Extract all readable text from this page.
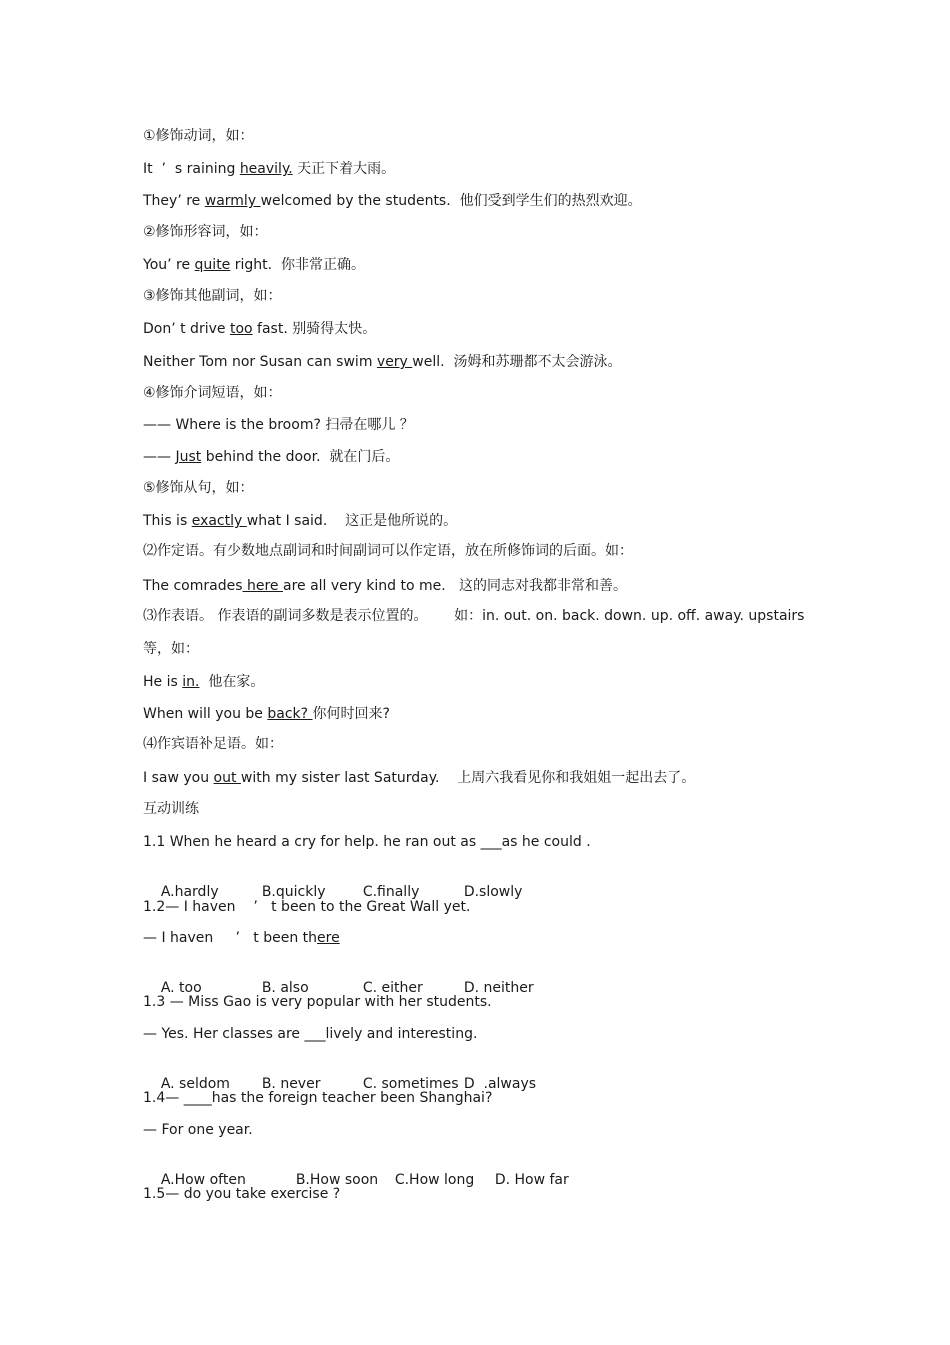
①修饰动词，如：
It  ’  s raining heavily. 天正下着大雨。
They’ re warmly welcomed by the students.  他们受到学生们的热烈欢迎。
②修饰形容词，如：
You’ re quite right.  你非常正确。
③修饰其他副词，如：
Don’ t drive too fast. 别骑得太快。
Neither Tom nor Susan can swim very well.  汤姆和苏珊都不太会游泳。
④修饰介词短语，如：
—— Where is the broom? 扫帚在哪儿 ？
—— Just behind the door.  就在门后。
⑤修饰从句，如：
This is exactly what I said.    这正是他所说的。
⑵作定语。有少数地点副词和时间副词可以作定语，放在所修饰词的后面。如：
The comrades here are all very kind to me.   这的同志对我都非常和善。
⑶作表语。 作表语的副词多数是表示位置的。      如：in. out. on. back. down. up. off. away. upstairs
等，如：
He is in.  他在家。
When will you be back? 你何时回来?
⑷作宾语补足语。如：
I saw you out with my sister last Saturday.    上周六我看见你和我姐姐一起出去了。
互动训练
1.1 When he heard a cry for help. he ran out as ___as he could .

A.hardly	B.quickly	C.finally	D.slowly

1.2— I haven    ’   t been to the Great Wall yet.
— I haven     ’   t been there

A. too	B. also	C. either	D. neither

1.3 — Miss Gao is very popular with her students.
— Yes. Her classes are ___lively and interesting.

A. seldom B. never	C. sometimes D  .always

1.4— ____has the foreign teacher been Shanghai?
— For one year.

A.How often	B.How soon C.How long D. How far

1.5— do you take exercise ?
